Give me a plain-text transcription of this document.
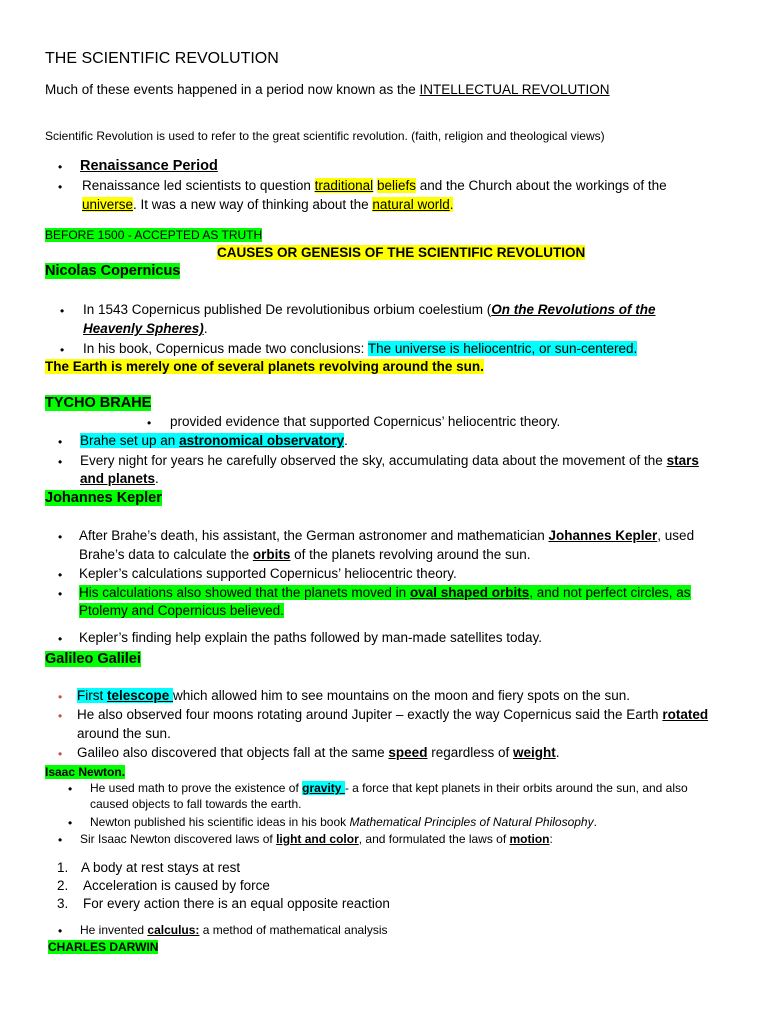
THE SCIENTIFIC REVOLUTION
Much of these events happened in a period now known as the INTELLECTUAL REVOLUTION
Scientific Revolution is used to refer to the great scientific revolution. (faith, religion and theological views)
• Renaissance Period
• Renaissance led scientists to question traditional beliefs and the Church about the workings of the
universe. It was a new way of thinking about the natural world.
BEFORE 1500 - ACCEPTED AS TRUTH
CAUSES OR GENESIS OF THE SCIENTIFIC REVOLUTION
Nicolas Copernicus
• In 1543 Copernicus published De revolutionibus orbium coelestium (On the Revolutions of the
Heavenly Spheres).
• In his book, Copernicus made two conclusions: The universe is heliocentric, or sun-centered.
The Earth is merely one of several planets revolving around the sun.
TYCHO BRAHE
• provided evidence that supported Copernicus’ heliocentric theory.
• Brahe set up an astronomical observatory.
• Every night for years he carefully observed the sky, accumulating data about the movement of the stars
and planets.
Johannes Kepler
• After Brahe’s death, his assistant, the German astronomer and mathematician Johannes Kepler, used
Brahe’s data to calculate the orbits of the planets revolving around the sun.
• Kepler’s calculations supported Copernicus’ heliocentric theory.
• His calculations also showed that the planets moved in oval shaped orbits, and not perfect circles, as
Ptolemy and Copernicus believed.
• Kepler’s finding help explain the paths followed by man-made satellites today.
Galileo Galilei
• First telescope which allowed him to see mountains on the moon and fiery spots on the sun.
• He also observed four moons rotating around Jupiter – exactly the way Copernicus said the Earth rotated
around the sun.
• Galileo also discovered that objects fall at the same speed regardless of weight.
Isaac Newton.
• He used math to prove the existence of gravity - a force that kept planets in their orbits around the sun, and also
caused objects to fall towards the earth.
• Newton published his scientific ideas in his book Mathematical Principles of Natural Philosophy.
• Sir Isaac Newton discovered laws of light and color, and formulated the laws of motion:
1. A body at rest stays at rest
2. Acceleration is caused by force
3. For every action there is an equal opposite reaction
• He invented calculus: a method of mathematical analysis
CHARLES DARWIN
